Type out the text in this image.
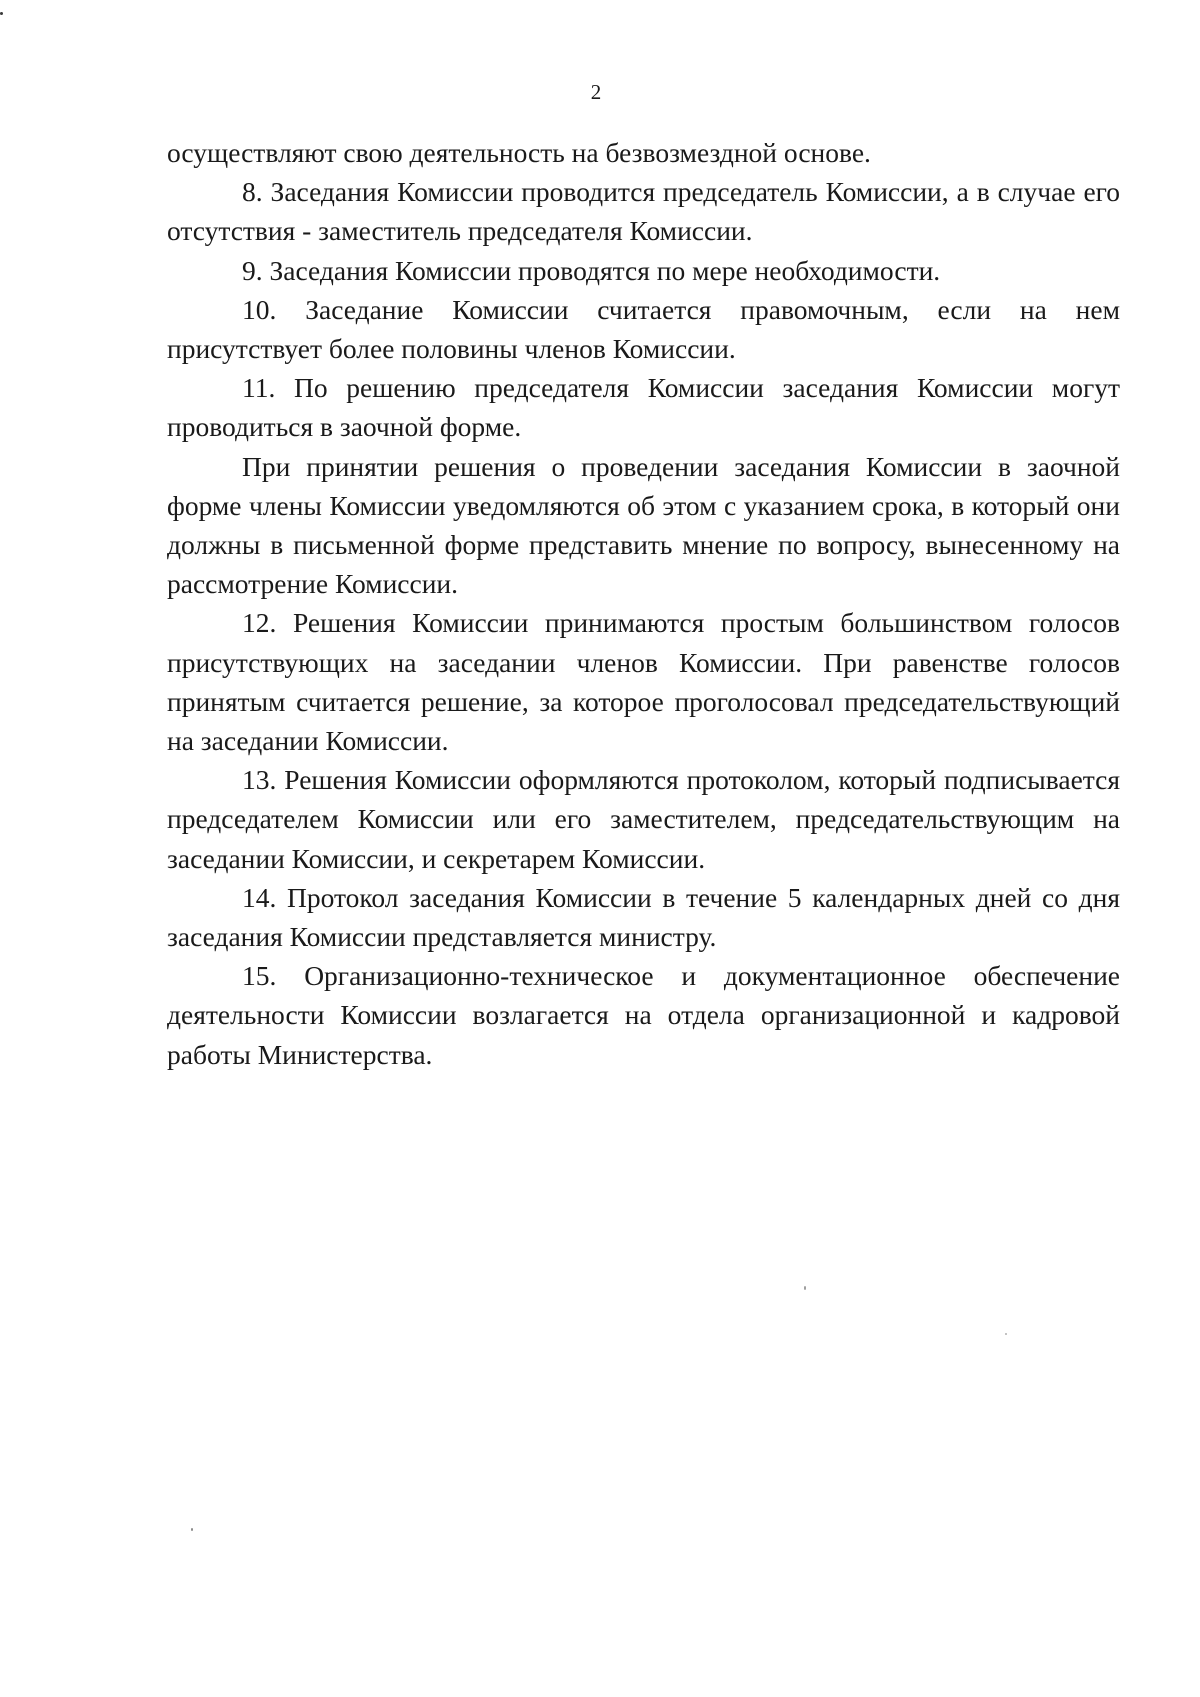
2

осуществляют свою деятельность на безвозмездной основе.

8. Заседания Комиссии проводится председатель Комиссии, а в случае его отсутствия - заместитель председателя Комиссии.

9. Заседания Комиссии проводятся по мере необходимости.

10. Заседание Комиссии считается правомочным, если на нем присутствует более половины членов Комиссии.

11. По решению председателя Комиссии заседания Комиссии могут проводиться в заочной форме.

При принятии решения о проведении заседания Комиссии в заочной форме члены Комиссии уведомляются об этом с указанием срока, в который они должны в письменной форме представить мнение по вопросу, вынесенному на рассмотрение Комиссии.

12. Решения Комиссии принимаются простым большинством голосов присутствующих на заседании членов Комиссии. При равенстве голосов принятым считается решение, за которое проголосовал председательствующий на заседании Комиссии.

13. Решения Комиссии оформляются протоколом, который подписывается председателем Комиссии или его заместителем, председательствующим на заседании Комиссии, и секретарем Комиссии.

14. Протокол заседания Комиссии в течение 5 календарных дней со дня заседания Комиссии представляется министру.

15. Организационно-техническое и документационное обеспечение деятельности Комиссии возлагается на отдела организационной и кадровой работы Министерства.
